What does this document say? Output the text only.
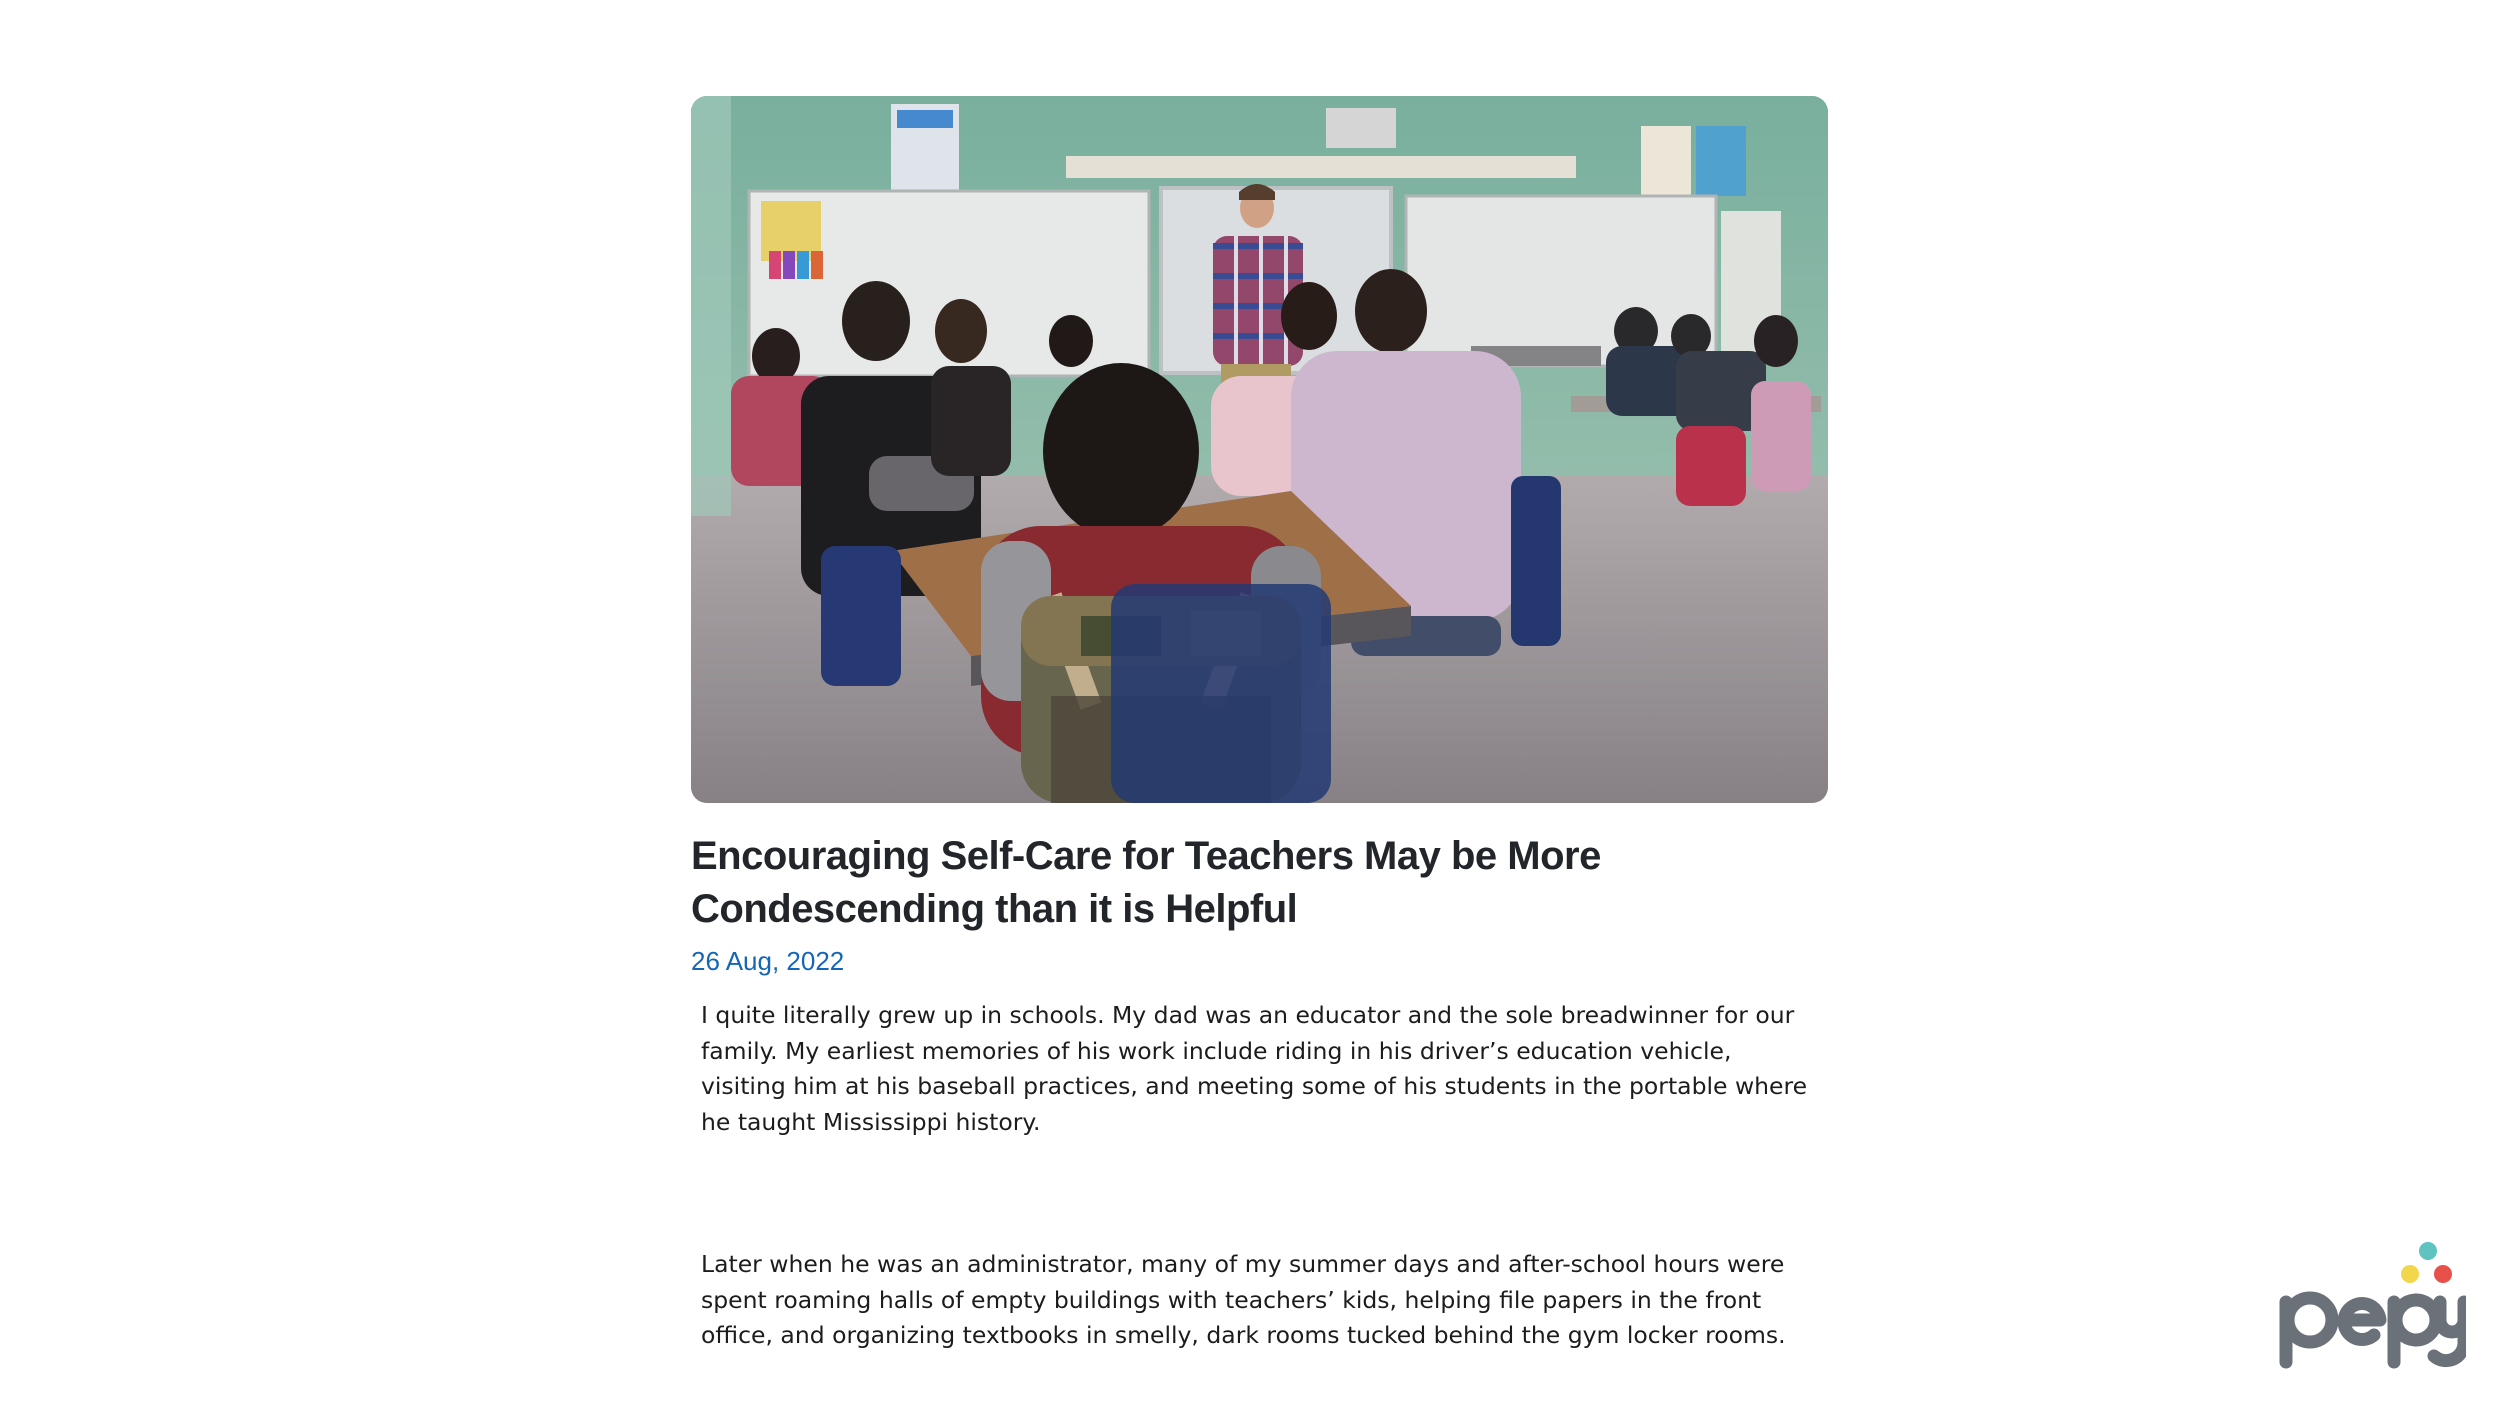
Encouraging Self-Care for Teachers May be More Condescending than it is Helpful
26 Aug, 2022

I quite literally grew up in schools. My dad was an educator and the sole breadwinner for our family. My earliest memories of his work include riding in his driver’s education vehicle, visiting him at his baseball practices, and meeting some of his students in the portable where he taught Mississippi history.

Later when he was an administrator, many of my summer days and after-school hours were spent roaming halls of empty buildings with teachers’ kids, helping file papers in the front office, and organizing textbooks in smelly, dark rooms tucked behind the gym locker rooms.
